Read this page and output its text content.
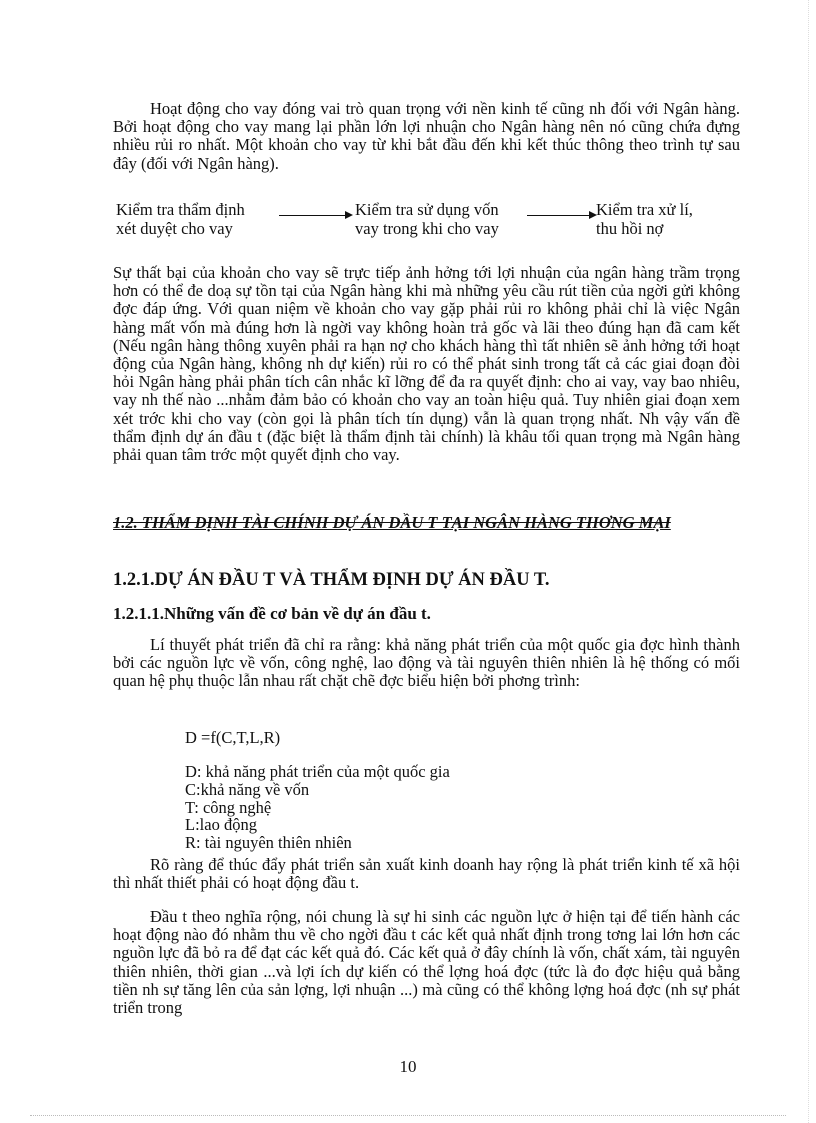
Hoạt động cho vay đóng vai trò quan trọng với nền kinh tế cũng nh đối với Ngân hàng. Bởi hoạt động cho vay mang lại phần lớn lợi nhuận cho Ngân hàng nên nó cũng chứa đựng nhiều rủi ro nhất. Một khoản cho vay từ khi bắt đầu đến khi kết thúc thông theo trình tự sau đây (đối với Ngân hàng).

Kiểm tra thẩm định
xét duyệt cho vay
Kiểm tra sử dụng vốn
vay trong khi cho vay
Kiểm tra xử lí,
thu hồi nợ

Sự thất bại của khoản cho vay sẽ trực tiếp ảnh hởng tới lợi nhuận của ngân hàng trầm trọng hơn có thể đe doạ sự tồn tại của Ngân hàng khi mà những yêu cầu rút tiền của ngời gửi không đợc đáp ứng. Với quan niệm về khoản cho vay gặp phải rủi ro không phải chỉ là việc Ngân hàng mất vốn mà đúng hơn là ngời vay không hoàn trả gốc và lãi theo đúng hạn đã cam kết (Nếu ngân hàng thông xuyên phải ra hạn nợ cho khách hàng thì tất nhiên sẽ ảnh hởng tới hoạt động của Ngân hàng, không nh dự kiến) rủi ro có thể phát sinh trong tất cả các giai đoạn đòi hỏi Ngân hàng phải phân tích cân nhắc kĩ lỡng để đa ra quyết định: cho ai vay, vay bao nhiêu, vay nh thế nào ...nhằm đảm bảo có khoản cho vay an toàn hiệu quả. Tuy nhiên giai đoạn xem xét trớc khi cho vay (còn gọi là phân tích tín dụng) vẫn là quan trọng nhất. Nh vậy vấn đề thẩm định dự án đầu t (đặc biệt là thẩm định tài chính) là khâu tối quan trọng mà Ngân hàng phải quan tâm trớc một quyết định cho vay.

1.2. THẨM ĐỊNH TÀI CHÍNH DỰ ÁN ĐẦU T TẠI NGÂN HÀNG THƠNG MẠI

1.2.1.DỰ ÁN ĐẦU T VÀ THẨM ĐỊNH DỰ ÁN ĐẦU T.

1.2.1.1.Những vấn đề cơ bản về dự án đầu t.

Lí thuyết phát triển đã chỉ ra rằng: khả năng phát triển của một quốc gia đợc hình thành bởi các nguồn lực về vốn, công nghệ, lao động và tài nguyên thiên nhiên là hệ thống có mối quan hệ phụ thuộc lẫn nhau rất chặt chẽ đợc biểu hiện bởi phơng trình:

D =f(C,T,L,R)

D: khả năng phát triển của một quốc gia
C:khả năng về vốn
T: công nghệ
L:lao động
R: tài nguyên thiên nhiên

Rõ ràng để thúc đẩy phát triển sản xuất kinh doanh hay rộng là phát triển kinh tế xã hội thì nhất thiết phải có hoạt động đầu t.

Đầu t theo nghĩa rộng, nói chung là sự hi sinh các nguồn lực ở hiện tại để tiến hành các hoạt động nào đó nhằm thu về cho ngời đầu t các kết quả nhất định trong tơng lai lớn hơn các nguồn lực đã bỏ ra để đạt các kết quả đó. Các kết quả ở đây chính là vốn, chất xám, tài nguyên thiên nhiên, thời gian ...và lợi ích dự kiến có thể lợng hoá đợc (tức là đo đợc hiệu quả bằng tiền nh sự tăng lên của sản lợng, lợi nhuận ...) mà cũng có thể không lợng hoá đợc (nh sự phát triển trong

10
